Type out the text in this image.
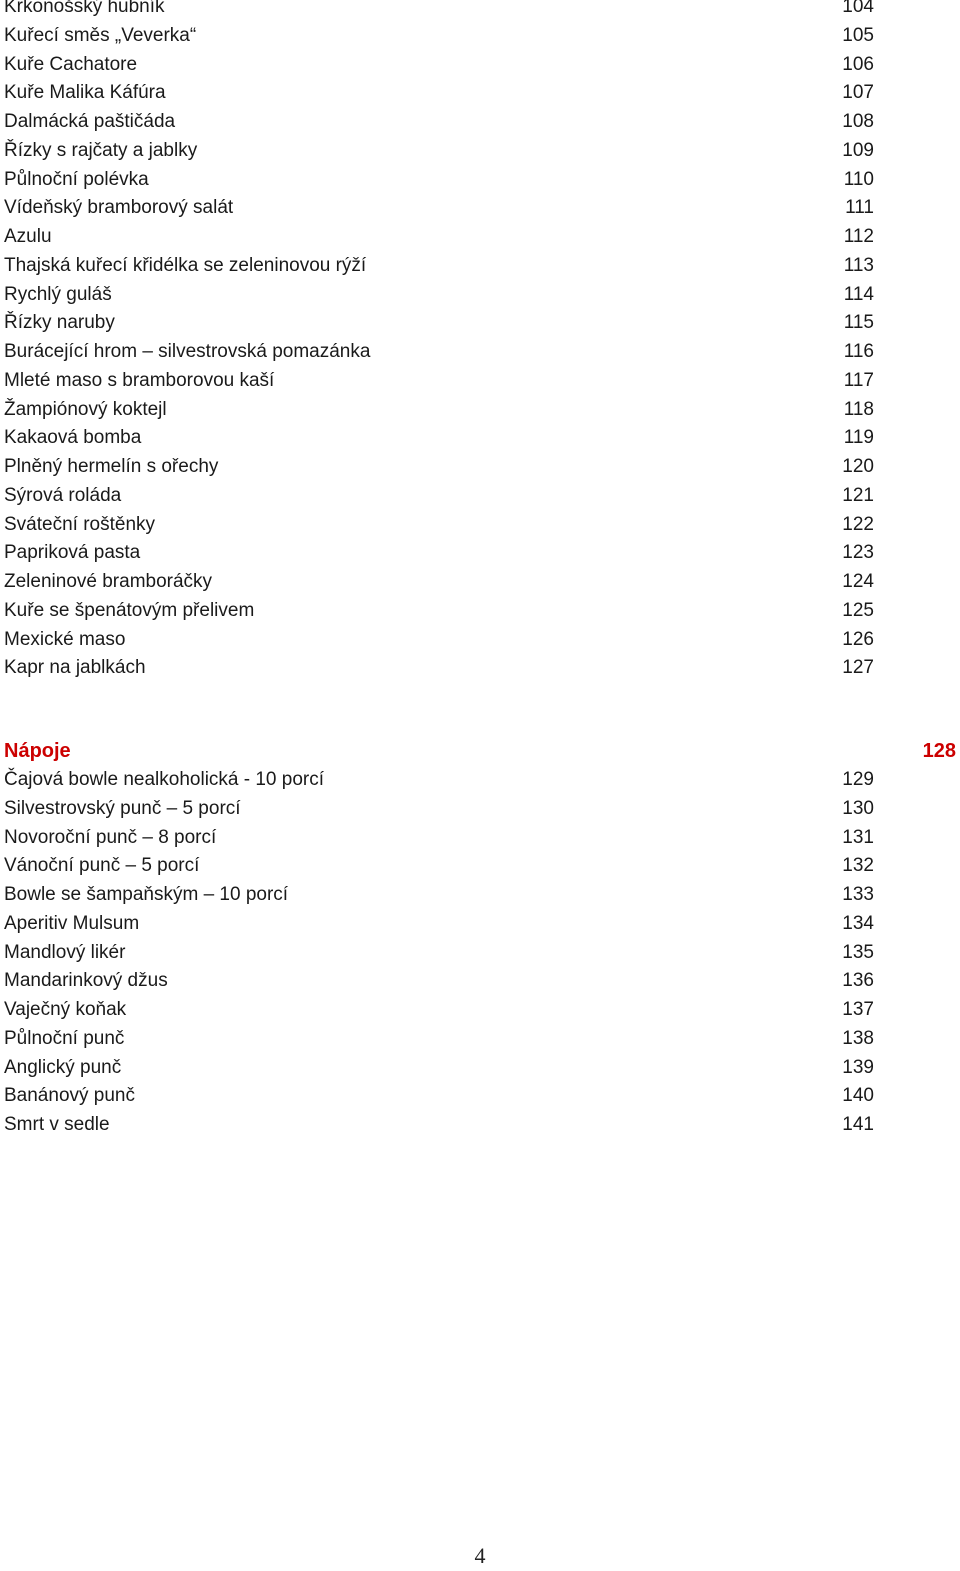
Krkonošský hubník	104
Kuřecí směs „Veverka“	105
Kuře Cachatore	106
Kuře Malika Káfúra	107
Dalmácká paštičáda	108
Řízky s rajčaty a jablky	109
Půlnoční polévka	110
Vídeňský bramborový salát	111
Azulu	112
Thajská kuřecí křidélka se zeleninovou rýží	113
Rychlý guláš	114
Řízky naruby	115
Burácející hrom – silvestrovská pomazánka	116
Mleté maso s bramborovou kaší	117
Žampiónový koktejl	118
Kakaová bomba	119
Plněný hermelín s ořechy	120
Sýrová roláda	121
Sváteční roštěnky	122
Papriková pasta	123
Zeleninové bramboráčky	124
Kuře se špenátovým přelivem	125
Mexické maso	126
Kapr na jablkách	127
Nápoje	128
Čajová bowle nealkoholická - 10 porcí	129
Silvestrovský punč – 5 porcí	130
Novoroční punč – 8 porcí	131
Vánoční punč – 5 porcí	132
Bowle se šampaňským – 10 porcí	133
Aperitiv Mulsum	134
Mandlový likér	135
Mandarinkový džus	136
Vaječný koňak	137
Půlnoční punč	138
Anglický punč	139
Banánový punč	140
Smrt v sedle	141
4
